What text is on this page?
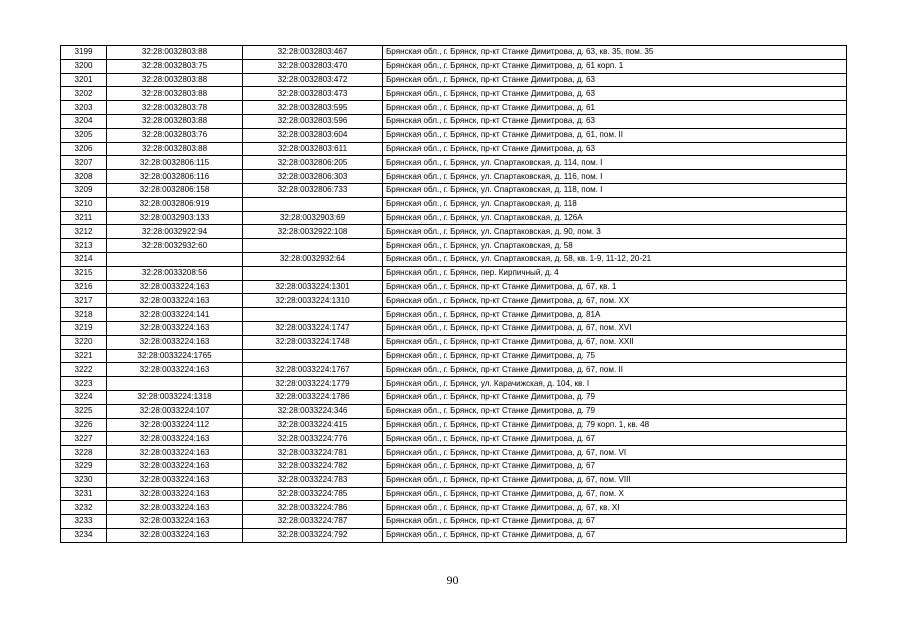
3199	32:28:0032803:88	32:28:0032803:467	Брянская обл., г. Брянск, пр-кт Станке Димитрова, д. 63, кв. 35, пом. 35
3200	32:28:0032803:75	32:28:0032803:470	Брянская обл., г. Брянск, пр-кт Станке Димитрова, д. 61 корп. 1
3201	32:28:0032803:88	32:28:0032803:472	Брянская обл., г. Брянск, пр-кт Станке Димитрова, д. 63
3202	32:28:0032803:88	32:28:0032803:473	Брянская обл., г. Брянск, пр-кт Станке Димитрова, д. 63
3203	32:28:0032803:78	32:28:0032803:595	Брянская обл., г. Брянск, пр-кт Станке Димитрова, д. 61
3204	32:28:0032803:88	32:28:0032803:596	Брянская обл., г. Брянск, пр-кт Станке Димитрова, д. 63
3205	32:28:0032803:76	32:28:0032803:604	Брянская обл., г. Брянск, пр-кт Станке Димитрова, д. 61, пом. II
3206	32:28:0032803:88	32:28:0032803:611	Брянская обл., г. Брянск, пр-кт Станке Димитрова, д. 63
3207	32:28:0032806:115	32:28:0032806:205	Брянская обл., г. Брянск, ул. Спартаковская, д. 114, пом. I
3208	32:28:0032806:116	32:28:0032806:303	Брянская обл., г. Брянск, ул. Спартаковская, д. 116, пом. I
3209	32:28:0032806:158	32:28:0032806:733	Брянская обл., г. Брянск, ул. Спартаковская, д. 118, пом. I
3210	32:28:0032806:919		Брянская обл., г. Брянск, ул. Спартаковская, д. 118
3211	32:28:0032903:133	32:28:0032903:69	Брянская обл., г. Брянск, ул. Спартаковская, д. 126А
3212	32:28:0032922:94	32:28:0032922:108	Брянская обл., г. Брянск, ул. Спартаковская, д. 90, пом. 3
3213	32:28:0032932:60		Брянская обл., г. Брянск, ул. Спартаковская, д. 58
3214		32:28:0032932:64	Брянская обл., г. Брянск, ул. Спартаковская, д. 58, кв. 1-9, 11-12, 20-21
3215	32:28:0033208:56		Брянская обл., г. Брянск, пер. Кирпичный, д. 4
3216	32:28:0033224:163	32:28:0033224:1301	Брянская обл., г. Брянск, пр-кт Станке Димитрова, д. 67, кв. 1
3217	32:28:0033224:163	32:28:0033224:1310	Брянская обл., г. Брянск, пр-кт Станке Димитрова, д. 67, пом. XX
3218	32:28:0033224:141		Брянская обл., г. Брянск, пр-кт Станке Димитрова, д. 81А
3219	32:28:0033224:163	32:28:0033224:1747	Брянская обл., г. Брянск, пр-кт Станке Димитрова, д. 67, пом. XVI
3220	32:28:0033224:163	32:28:0033224:1748	Брянская обл., г. Брянск, пр-кт Станке Димитрова, д. 67, пом. XXII
3221	32:28:0033224:1765		Брянская обл., г. Брянск, пр-кт Станке Димитрова, д. 75
3222	32:28:0033224:163	32:28:0033224:1767	Брянская обл., г. Брянск, пр-кт Станке Димитрова, д. 67, пом. II
3223		32:28:0033224:1779	Брянская обл., г. Брянск, ул. Карачижская, д. 104, кв. I
3224	32:28:0033224:1318	32:28:0033224:1786	Брянская обл., г. Брянск, пр-кт Станке Димитрова, д. 79
3225	32:28:0033224:107	32:28:0033224:346	Брянская обл., г. Брянск, пр-кт Станке Димитрова, д. 79
3226	32:28:0033224:112	32:28:0033224:415	Брянская обл., г. Брянск, пр-кт Станке Димитрова, д. 79 корп. 1, кв. 48
3227	32:28:0033224:163	32:28:0033224:776	Брянская обл., г. Брянск, пр-кт Станке Димитрова, д. 67
3228	32:28:0033224:163	32:28:0033224:781	Брянская обл., г. Брянск, пр-кт Станке Димитрова, д. 67, пом. VI
3229	32:28:0033224:163	32:28:0033224:782	Брянская обл., г. Брянск, пр-кт Станке Димитрова, д. 67
3230	32:28:0033224:163	32:28:0033224:783	Брянская обл., г. Брянск, пр-кт Станке Димитрова, д. 67, пом. VIII
3231	32:28:0033224:163	32:28:0033224:785	Брянская обл., г. Брянск, пр-кт Станке Димитрова, д. 67, пом. X
3232	32:28:0033224:163	32:28:0033224:786	Брянская обл., г. Брянск, пр-кт Станке Димитрова, д. 67, кв. XI
3233	32:28:0033224:163	32:28:0033224:787	Брянская обл., г. Брянск, пр-кт Станке Димитрова, д. 67
3234	32:28:0033224:163	32:28:0033224:792	Брянская обл., г. Брянск, пр-кт Станке Димитрова, д. 67
90
